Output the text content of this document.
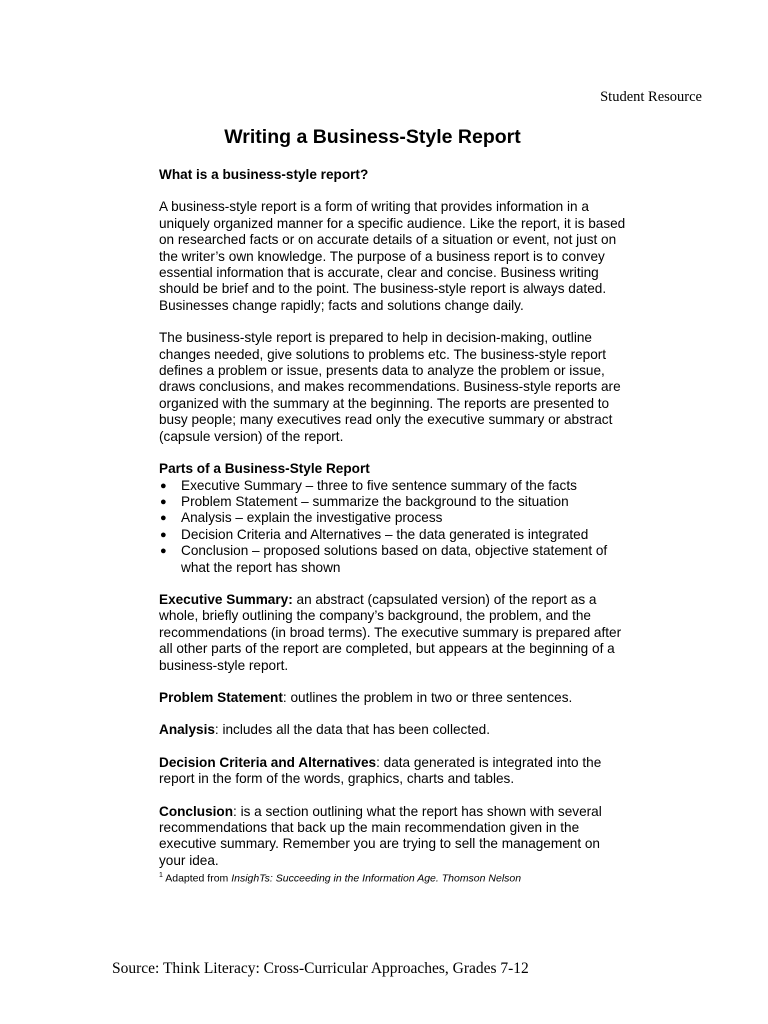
Student Resource
Writing a Business-Style Report

What is a business-style report?

A business-style report is a form of writing that provides information in a uniquely organized manner for a specific audience. Like the report, it is based on researched facts or on accurate details of a situation or event, not just on the writer’s own knowledge. The purpose of a business report is to convey essential information that is accurate, clear and concise. Business writing should be brief and to the point. The business-style report is always dated. Businesses change rapidly; facts and solutions change daily.

The business-style report is prepared to help in decision-making, outline changes needed, give solutions to problems etc. The business-style report defines a problem or issue, presents data to analyze the problem or issue, draws conclusions, and makes recommendations. Business-style reports are organized with the summary at the beginning. The reports are presented to busy people; many executives read only the executive summary or abstract (capsule version) of the report.

Parts of a Business-Style Report

● Executive Summary – three to five sentence summary of the facts
● Problem Statement – summarize the background to the situation
● Analysis – explain the investigative process
● Decision Criteria and Alternatives – the data generated is integrated
● Conclusion – proposed solutions based on data, objective statement of what the report has shown

Executive Summary: an abstract (capsulated version) of the report as a whole, briefly outlining the company’s background, the problem, and the recommendations (in broad terms). The executive summary is prepared after all other parts of the report are completed, but appears at the beginning of a business-style report.

Problem Statement: outlines the problem in two or three sentences.

Analysis: includes all the data that has been collected.

Decision Criteria and Alternatives: data generated is integrated into the report in the form of the words, graphics, charts and tables.

Conclusion: is a section outlining what the report has shown with several recommendations that back up the main recommendation given in the executive summary. Remember you are trying to sell the management on your idea.

$^1$ Adapted from InsighTs: Succeeding in the Information Age. Thomson Nelson

Source: Think Literacy: Cross-Curricular Approaches, Grades 7-12
